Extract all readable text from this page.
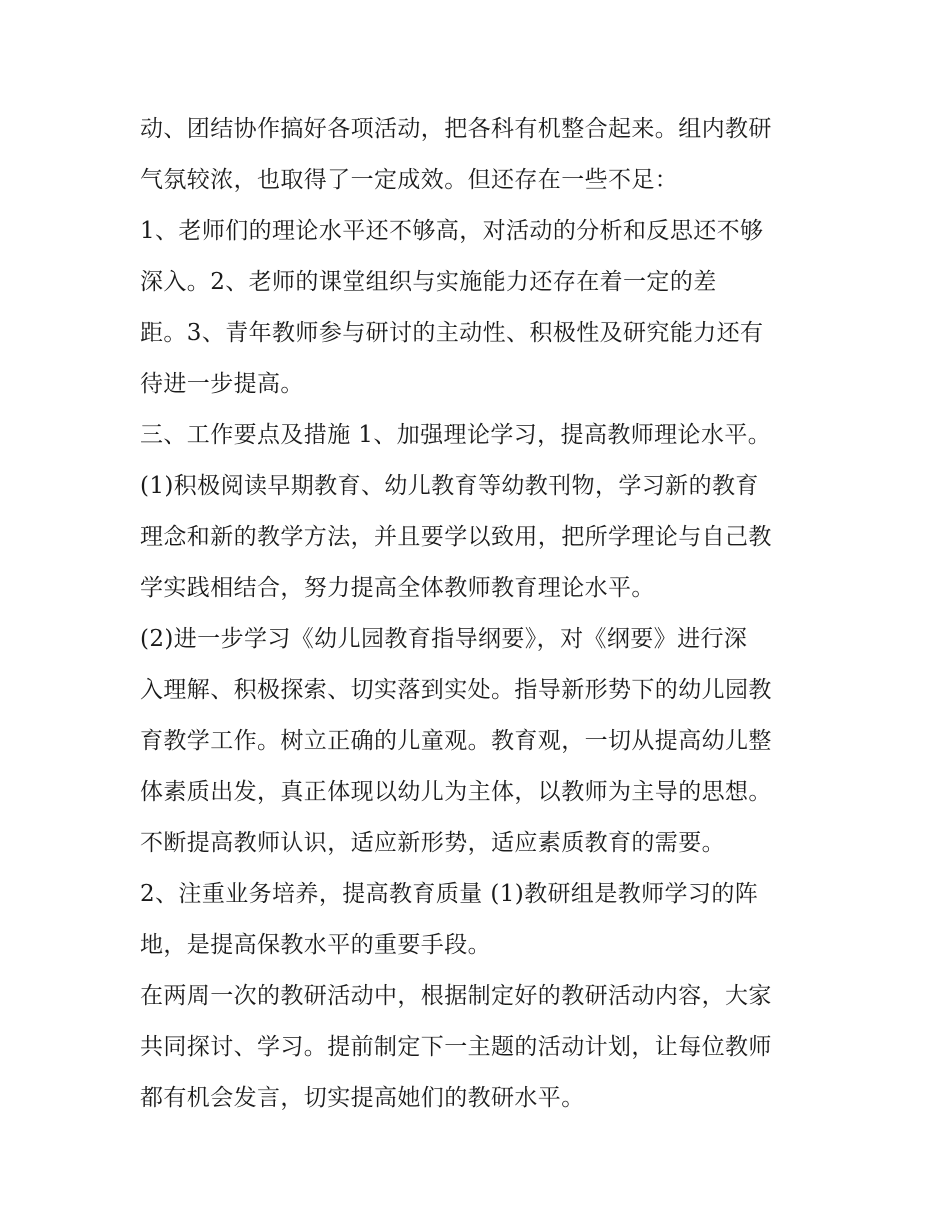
动、团结协作搞好各项活动，把各科有机整合起来。组内教研
气氛较浓，也取得了一定成效。但还存在一些不足：
1、老师们的理论水平还不够高，对活动的分析和反思还不够
深入。2、老师的课堂组织与实施能力还存在着一定的差
距。3、青年教师参与研讨的主动性、积极性及研究能力还有
待进一步提高。
三、工作要点及措施 1、加强理论学习，提高教师理论水平。
(1)积极阅读早期教育、幼儿教育等幼教刊物，学习新的教育
理念和新的教学方法，并且要学以致用，把所学理论与自己教
学实践相结合，努力提高全体教师教育理论水平。
(2)进一步学习《幼儿园教育指导纲要》，对《纲要》进行深
入理解、积极探索、切实落到实处。指导新形势下的幼儿园教
育教学工作。树立正确的儿童观。教育观，一切从提高幼儿整
体素质出发，真正体现以幼儿为主体，以教师为主导的思想。
不断提高教师认识，适应新形势，适应素质教育的需要。
2、注重业务培养，提高教育质量 (1)教研组是教师学习的阵
地，是提高保教水平的重要手段。
在两周一次的教研活动中，根据制定好的教研活动内容，大家
共同探讨、学习。提前制定下一主题的活动计划，让每位教师
都有机会发言，切实提高她们的教研水平。
